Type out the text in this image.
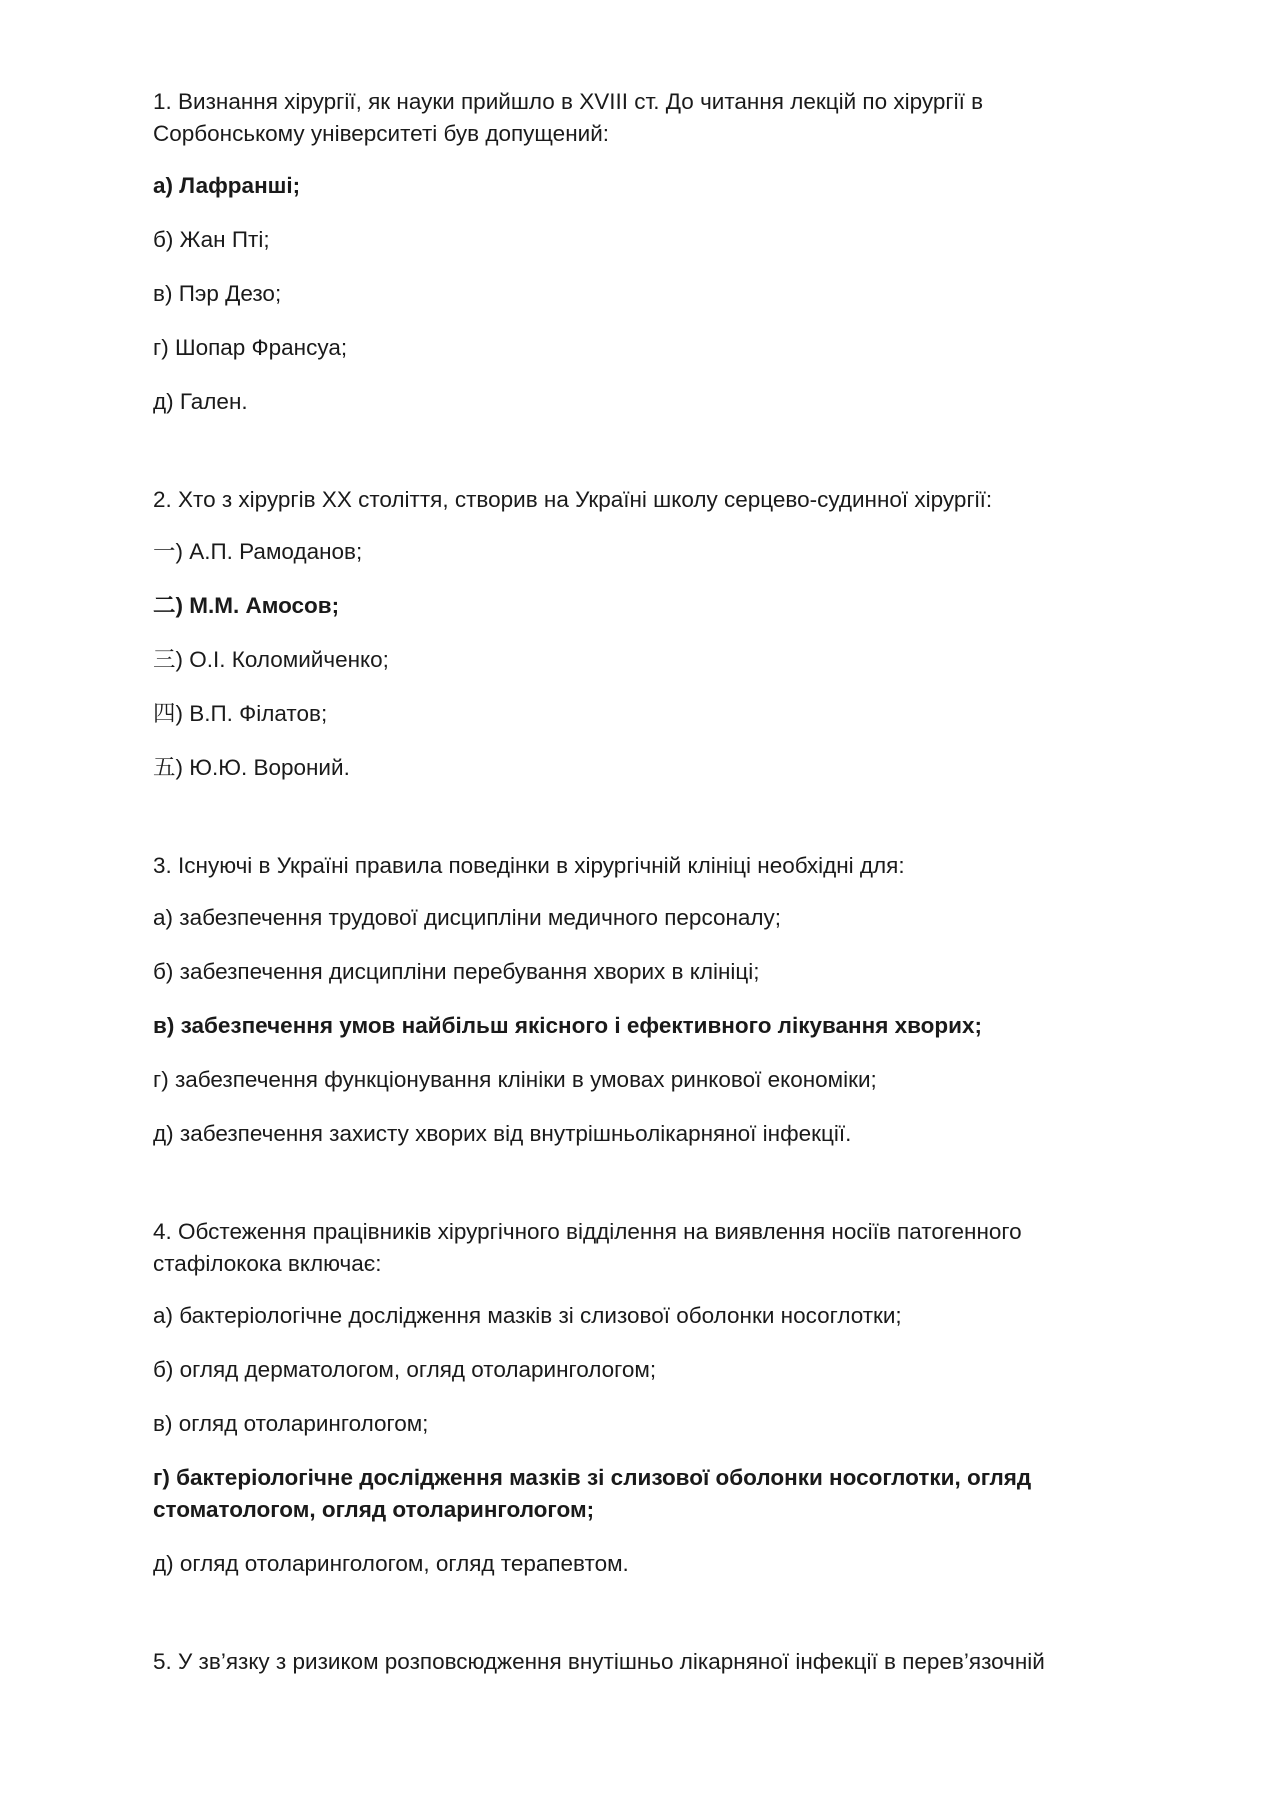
1. Визнання хірургії, як науки прийшло в XVIII ст. До читання лекцій по хірургії в

Сорбонському університеті був допущений:

а) Лафранші;

б) Жан Пті;

в) Пэр Дезо;

г) Шопар Франсуа;

д) Гален.

2. Хто з хірургів XX століття, створив на Україні школу серцево-судинної хірургії:

一) А.П. Рамоданов;

二) М.М. Амосов;

三) О.І. Коломийченко;

四) В.П. Філатов;

五) Ю.Ю. Вороний.

3. Існуючі в Україні правила поведінки в хірургічній клініці необхідні для:

а) забезпечення трудової дисципліни медичного персоналу;

б) забезпечення дисципліни перебування хворих в клініці;

в) забезпечення умов найбільш якісного і ефективного лікування хворих;

г) забезпечення функціонування клініки в умовах ринкової економіки;

д) забезпечення захисту хворих від внутрішньолікарняної інфекції.

4. Обстеження працівників хірургічного відділення на виявлення носіїв патогенного

стафілокока включає:

а) бактеріологічне дослідження мазків зі слизової оболонки носоглотки;

б) огляд дерматологом, огляд отоларингологом;

в) огляд отоларингологом;

г) бактеріологічне дослідження мазків зі слизової оболонки носоглотки, огляд

стоматологом, огляд отоларингологом;

д) огляд отоларингологом, огляд терапевтом.

5. У зв’язку з ризиком розповсюдження внутішньо лікарняної інфекції в перев’язочній
